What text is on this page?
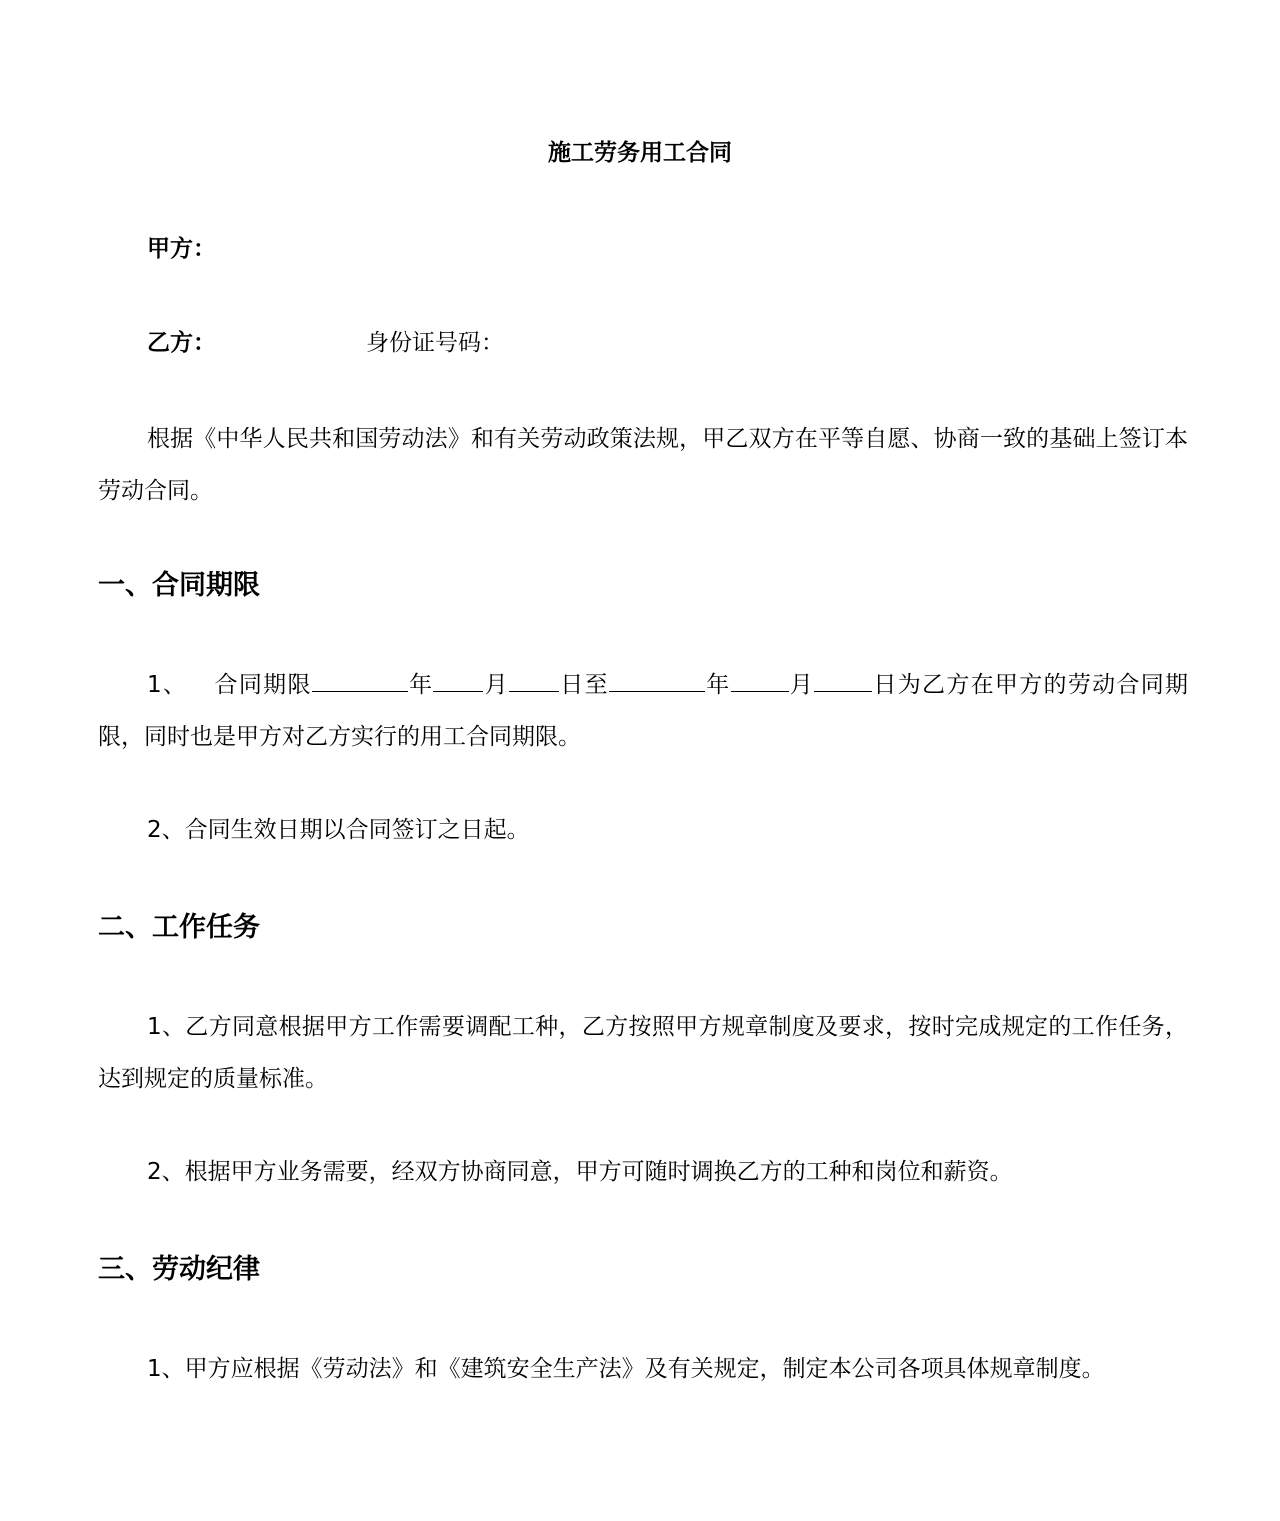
施工劳务用工合同
甲方：
乙方：	身份证号码：

根据《中华人民共和国劳动法》和有关劳动政策法规，甲乙双方在平等自愿、协商一致的基础上签订本劳动合同。

一、合同期限

1、 合同期限	年 月 日至	年	月	日为乙方在甲方的劳动合同期限，同时也是甲方对乙方实行的用工合同期限。

2、合同生效日期以合同签订之日起。

二、工作任务

1、乙方同意根据甲方工作需要调配工种，乙方按照甲方规章制度及要求，按时完成规定的工作任务，达到规定的质量标准。

2、根据甲方业务需要，经双方协商同意，甲方可随时调换乙方的工种和岗位和薪资。

三、劳动纪律

1、甲方应根据《劳动法》和《建筑安全生产法》及有关规定，制定本公司各项具体规章制度。
